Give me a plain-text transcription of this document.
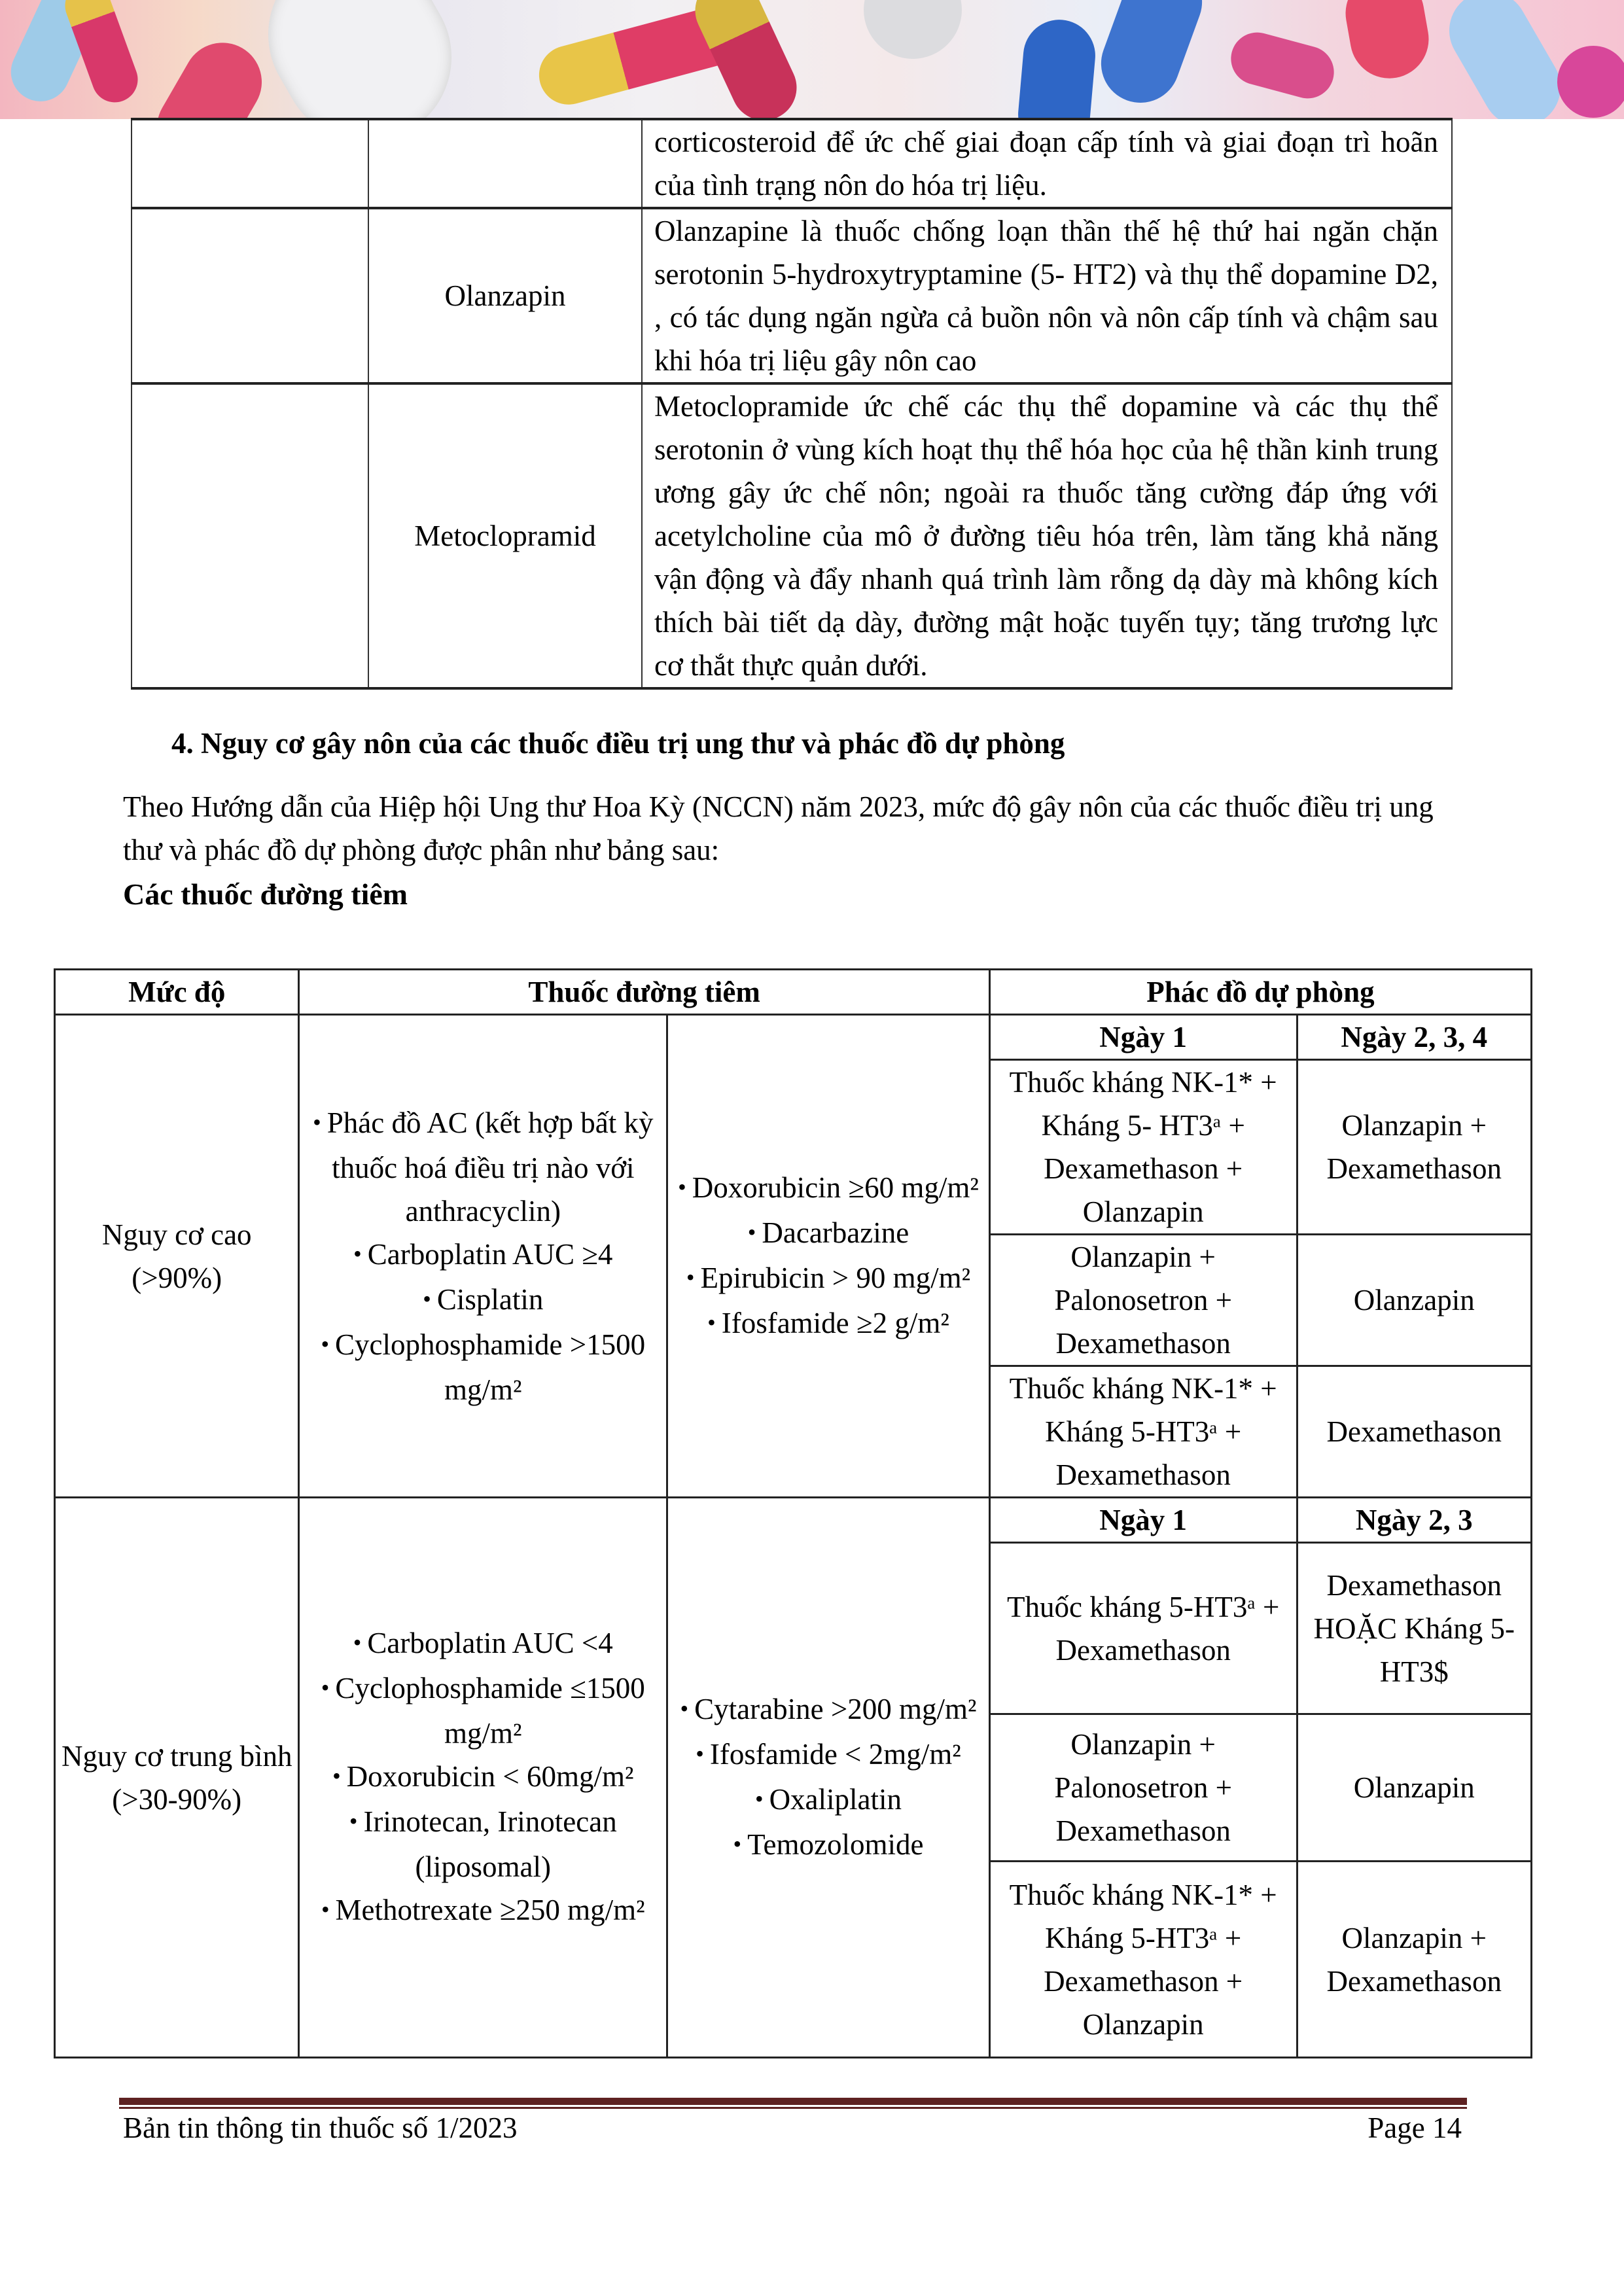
		corticosteroid để ức chế giai đoạn cấp tính và giai đoạn trì hoãn của tình trạng nôn do hóa trị liệu.
	Olanzapin	Olanzapine là thuốc chống loạn thần thế hệ thứ hai ngăn chặn serotonin 5-hydroxytryptamine (5- HT2) và thụ thể dopamine D2, , có tác dụng ngăn ngừa cả buồn nôn và nôn cấp tính và chậm sau khi hóa trị liệu gây nôn cao
	Metoclopramid	Metoclopramide ức chế các thụ thể dopamine và các thụ thể serotonin ở vùng kích hoạt thụ thể hóa học của hệ thần kinh trung ương gây ức chế nôn; ngoài ra thuốc tăng cường đáp ứng với acetylcholine của mô ở đường tiêu hóa trên, làm tăng khả năng vận động và đẩy nhanh quá trình làm rỗng dạ dày mà không kích thích bài tiết dạ dày, đường mật hoặc tuyến tụy; tăng trương lực cơ thắt thực quản dưới.
4. Nguy cơ gây nôn của các thuốc điều trị ung thư và phác đồ dự phòng
Theo Hướng dẫn của Hiệp hội Ung thư Hoa Kỳ (NCCN) năm 2023, mức độ gây nôn của các thuốc điều trị ung thư và phác đồ dự phòng được phân như bảng sau:
Các thuốc đường tiêm
Mức độ	Thuốc đường tiêm		Phác đồ dự phòng	
Nguy cơ cao (>90%)	• Phác đồ AC (kết hợp bất kỳ thuốc hoá điều trị nào với anthracyclin)
• Carboplatin AUC ≥4
• Cisplatin
• Cyclophosphamide >1500 mg/m²	• Doxorubicin ≥60 mg/m²
• Dacarbazine
• Epirubicin > 90 mg/m²
• Ifosfamide ≥2 g/m²	Ngày 1	Ngày 2, 3, 4
			Thuốc kháng NK-1* + Kháng 5- HT3ᵃ + Dexamethason + Olanzapin	Olanzapin + Dexamethason
			Olanzapin + Palonosetron + Dexamethason	Olanzapin
			Thuốc kháng NK-1* + Kháng 5-HT3ᵃ + Dexamethason	Dexamethason
Nguy cơ trung bình (>30-90%)	• Carboplatin AUC <4
• Cyclophosphamide ≤1500 mg/m²
• Doxorubicin < 60mg/m²
• Irinotecan, Irinotecan (liposomal)
• Methotrexate ≥250 mg/m²	• Cytarabine >200 mg/m²
• Ifosfamide < 2mg/m²
• Oxaliplatin
• Temozolomide	Ngày 1	Ngày 2, 3
			Thuốc kháng 5-HT3ᵃ + Dexamethason	Dexamethason HOẶC Kháng 5-HT3$
			Olanzapin + Palonosetron + Dexamethason	Olanzapin
			Thuốc kháng NK-1* + Kháng 5-HT3ᵃ + Dexamethason + Olanzapin	Olanzapin + Dexamethason
Bản tin thông tin thuốc số 1/2023	Page 14
